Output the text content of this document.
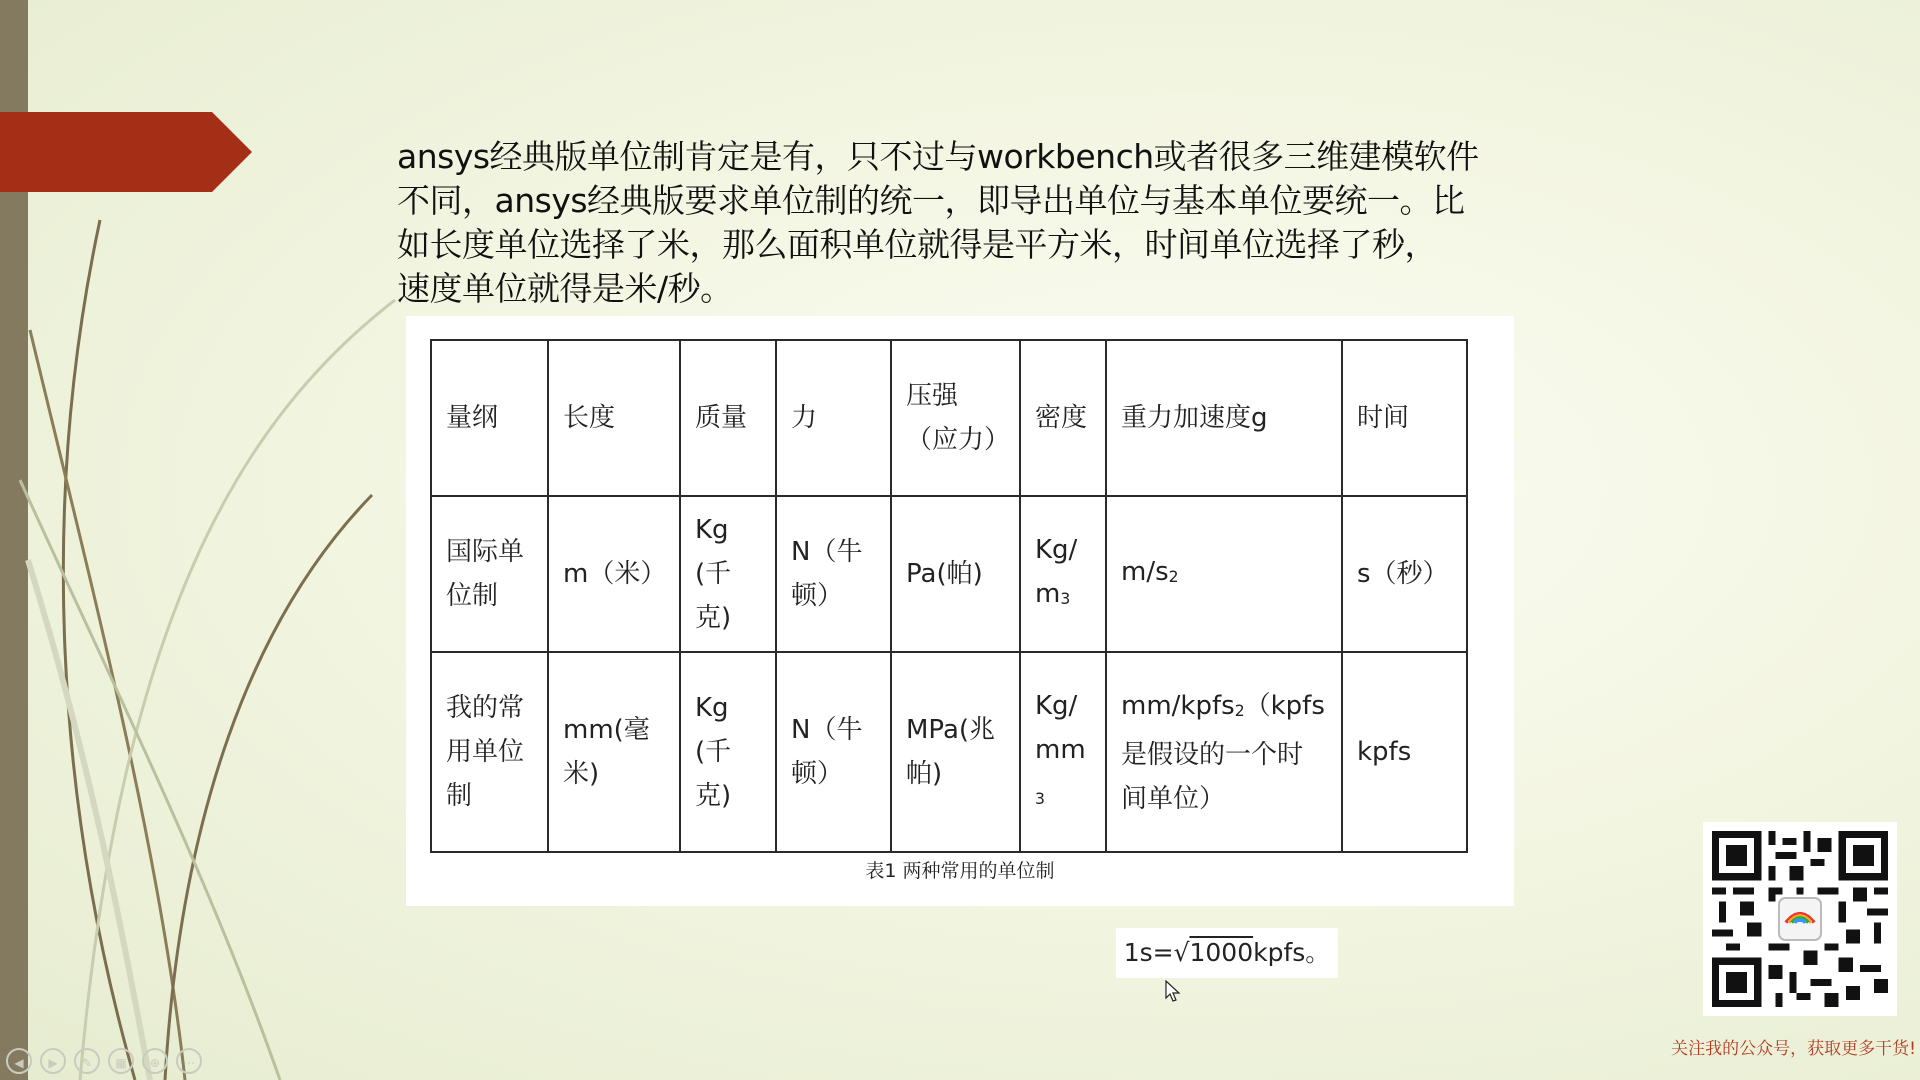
ansys经典版单位制肯定是有，只不过与workbench或者很多三维建模软件

不同，ansys经典版要求单位制的统一，即导出单位与基本单位要统一。比

如长度单位选择了米，那么面积单位就得是平方米，时间单位选择了秒，

速度单位就得是米/秒。

量纲	长度	质量	力	压强（应力）	密度	重力加速度g	时间
国际单位制	m（米）	Kg(千克)	N（牛顿）	Pa(帕)	$Kg/m_3$	$m/s_2$	s（秒）
我的常用单位制	mm(毫米)	Kg(千克)	N（牛顿）	MPa(兆帕)	$Kg/mm_3$	mm/kpfs$_2$（kpfs是假设的一个时间单位）	kpfs
表1 两种常用的单位制
1s=√1000kpfs。
关注我的公众号，获取更多干货!
◀	▶	✎	▦	⊕	⋯
